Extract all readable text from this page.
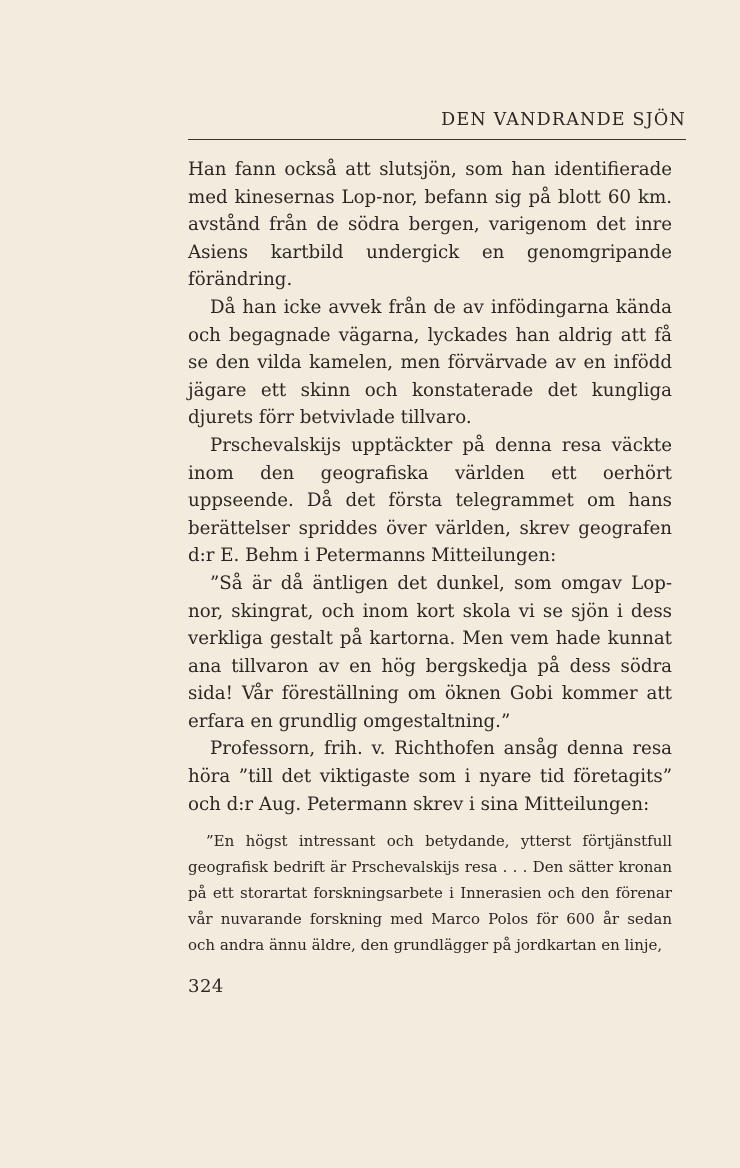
DEN VANDRANDE SJÖN

Han fann också att slutsjön, som han identifierade med kinesernas Lop-nor, befann sig på blott 60 km. avstånd från de södra bergen, varigenom det inre Asiens kartbild undergick en genomgripande förändring.

Då han icke avvek från de av infödingarna kända och begagnade vägarna, lyckades han aldrig att få se den vilda kamelen, men förvärvade av en infödd jägare ett skinn och konstaterade det kungliga djurets förr betvivlade tillvaro.

Prschevalskijs upptäckter på denna resa väckte inom den geografiska världen ett oerhört uppseende. Då det första telegrammet om hans berättelser spriddes över världen, skrev geografen d:r E. Behm i Petermanns Mitteilungen:

”Så är då äntligen det dunkel, som omgav Lop-nor, skingrat, och inom kort skola vi se sjön i dess verkliga gestalt på kartorna. Men vem hade kunnat ana tillvaron av en hög bergskedja på dess södra sida! Vår föreställning om öknen Gobi kommer att erfara en grundlig omgestaltning.”

Professorn, frih. v. Richthofen ansåg denna resa höra ”till det viktigaste som i nyare tid företagits” och d:r Aug. Petermann skrev i sina Mitteilungen:

”En högst intressant och betydande, ytterst förtjänstfull geografisk bedrift är Prschevalskijs resa . . . Den sätter kronan på ett storartat forskningsarbete i Innerasien och den förenar vår nuvarande forskning med Marco Polos för 600 år sedan och andra ännu äldre, den grundlägger på jordkartan en linje,

324
